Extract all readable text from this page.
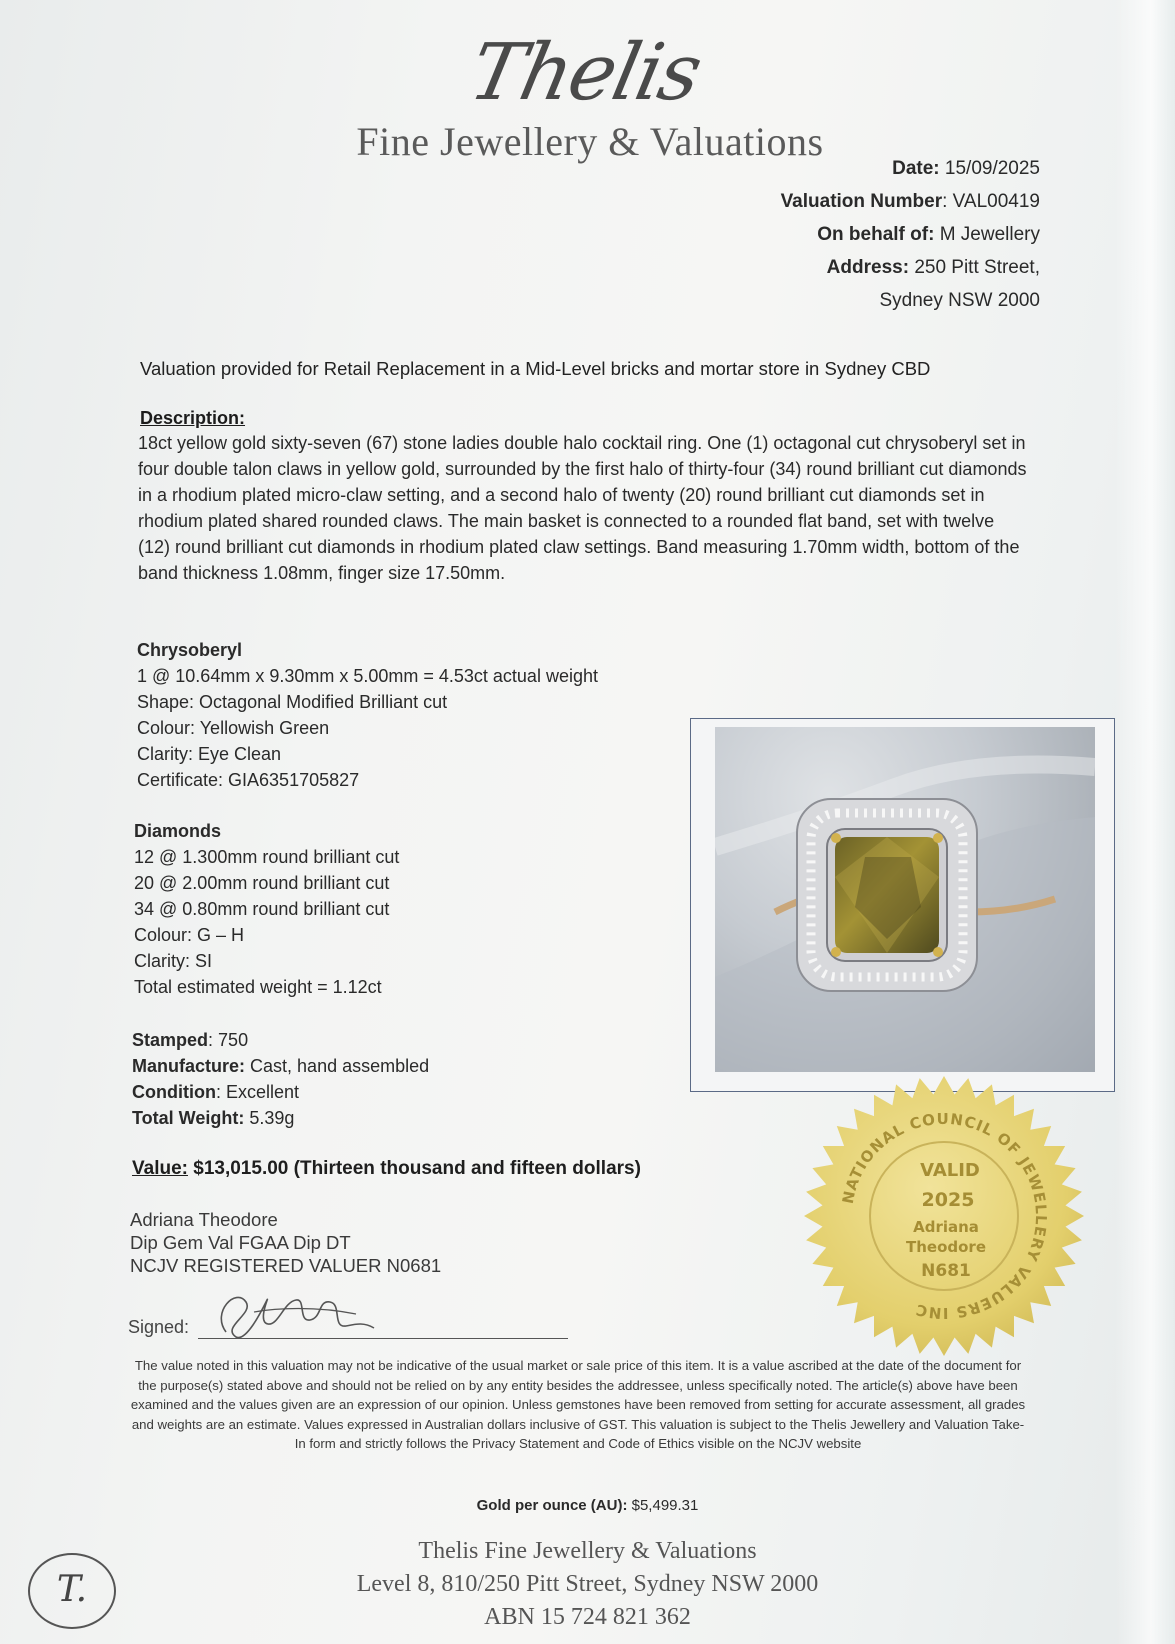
Thelis
Fine Jewellery & Valuations
Date: 15/09/2025
Valuation Number: VAL00419
On behalf of: M Jewellery
Address: 250 Pitt Street,
Sydney NSW 2000
Valuation provided for Retail Replacement in a Mid-Level bricks and mortar store in Sydney CBD
Description:
18ct yellow gold sixty-seven (67) stone ladies double halo cocktail ring. One (1) octagonal cut chrysoberyl set in four double talon claws in yellow gold, surrounded by the first halo of thirty-four (34) round brilliant cut diamonds in a rhodium plated micro-claw setting, and a second halo of twenty (20) round brilliant cut diamonds set in rhodium plated shared rounded claws. The main basket is connected to a rounded flat band, set with twelve (12) round brilliant cut diamonds in rhodium plated claw settings. Band measuring 1.70mm width, bottom of the band thickness 1.08mm, finger size 17.50mm.
Chrysoberyl
1 @ 10.64mm x 9.30mm x 5.00mm = 4.53ct actual weight
Shape: Octagonal Modified Brilliant cut
Colour: Yellowish Green
Clarity: Eye Clean
Certificate: GIA6351705827
Diamonds
12 @ 1.300mm round brilliant cut
20 @ 2.00mm round brilliant cut
34 @ 0.80mm round brilliant cut
Colour: G – H
Clarity: SI
Total estimated weight = 1.12ct
Stamped: 750
Manufacture: Cast, hand assembled
Condition: Excellent
Total Weight: 5.39g
NATIONAL COUNCIL OF JEWELLERY VALUERS INC
VALID
2025
Adriana
Theodore
N681
Value: $13,015.00 (Thirteen thousand and fifteen dollars)
Adriana Theodore
Dip Gem Val FGAA Dip DT
NCJV REGISTERED VALUER N0681
Signed:
The value noted in this valuation may not be indicative of the usual market or sale price of this item. It is a value ascribed at the date of the document for the purpose(s) stated above and should not be relied on by any entity besides the addressee, unless specifically noted. The article(s) above have been examined and the values given are an expression of our opinion. Unless gemstones have been removed from setting for accurate assessment, all grades and weights are an estimate. Values expressed in Australian dollars inclusive of GST. This valuation is subject to the Thelis Jewellery and Valuation Take-In form and strictly follows the Privacy Statement and Code of Ethics visible on the NCJV website
Gold per ounce (AU): $5,499.31
Thelis Fine Jewellery & Valuations
Level 8, 810/250 Pitt Street, Sydney NSW 2000
ABN 15 724 821 362
T.
